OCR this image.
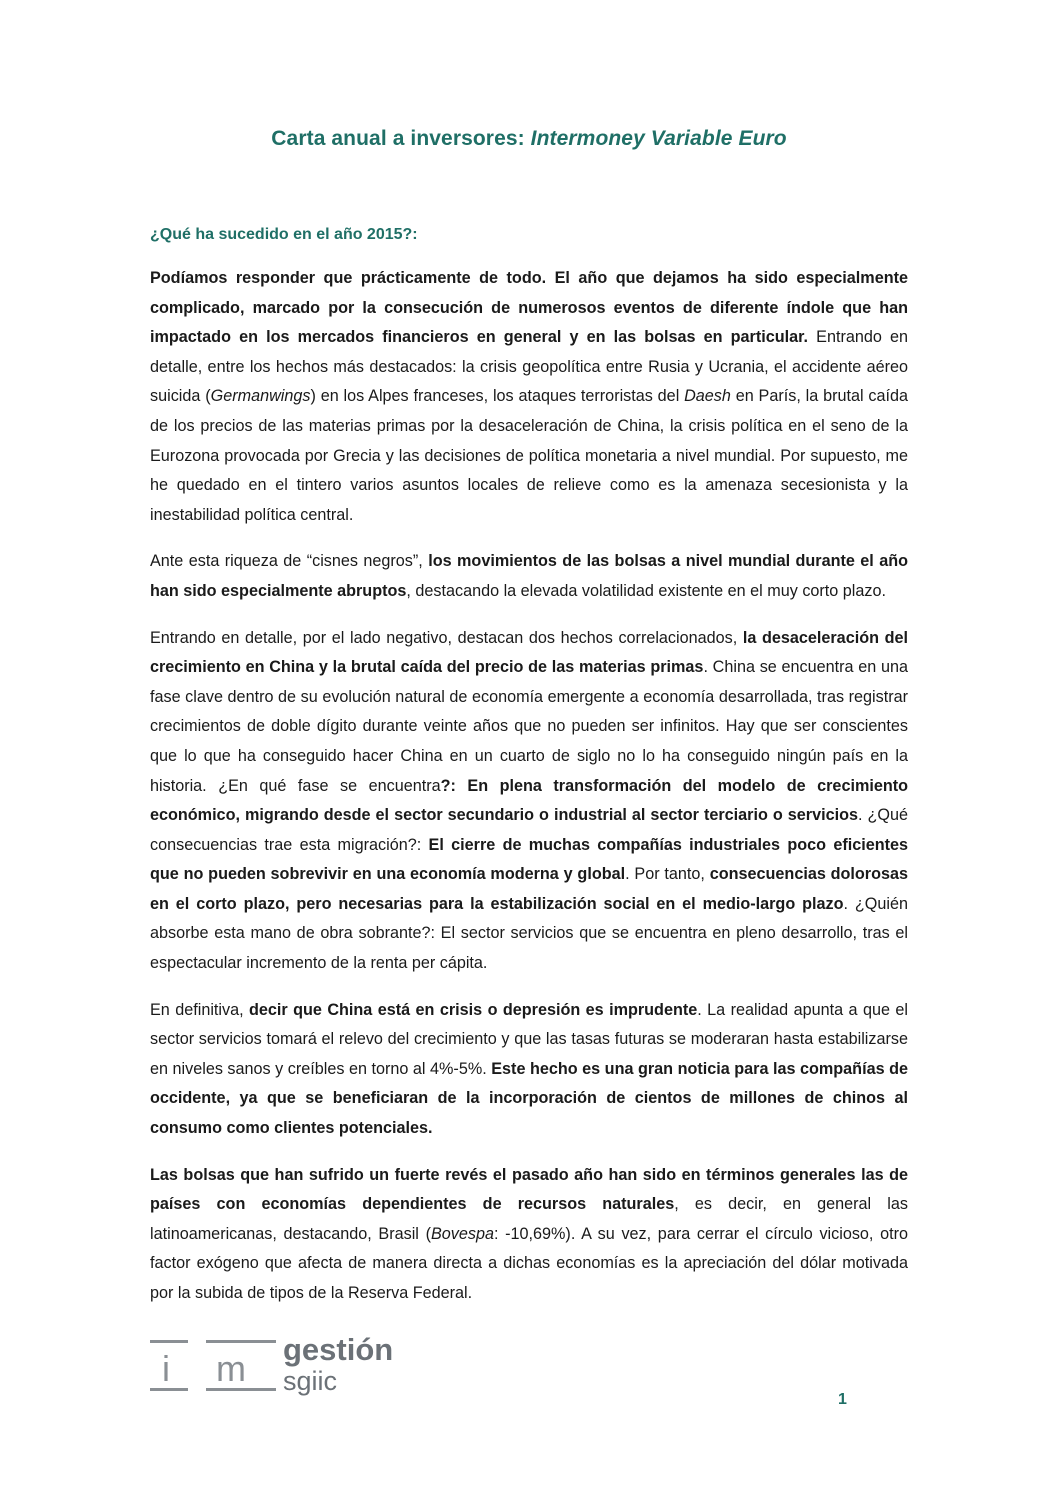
Carta anual a inversores: Intermoney Variable Euro
¿Qué ha sucedido en el año 2015?:

Podíamos responder que prácticamente de todo. El año que dejamos ha sido especialmente complicado, marcado por la consecución de numerosos eventos de diferente índole que han impactado en los mercados financieros en general y en las bolsas en particular. Entrando en detalle, entre los hechos más destacados: la crisis geopolítica entre Rusia y Ucrania, el accidente aéreo suicida (Germanwings) en los Alpes franceses, los ataques terroristas del Daesh en París, la brutal caída de los precios de las materias primas por la desaceleración de China, la crisis política en el seno de la Eurozona provocada por Grecia y las decisiones de política monetaria a nivel mundial. Por supuesto, me he quedado en el tintero varios asuntos locales de relieve como es la amenaza secesionista y la inestabilidad política central.

Ante esta riqueza de “cisnes negros”, los movimientos de las bolsas a nivel mundial durante el año han sido especialmente abruptos, destacando la elevada volatilidad existente en el muy corto plazo.

Entrando en detalle, por el lado negativo, destacan dos hechos correlacionados, la desaceleración del crecimiento en China y la brutal caída del precio de las materias primas. China se encuentra en una fase clave dentro de su evolución natural de economía emergente a economía desarrollada, tras registrar crecimientos de doble dígito durante veinte años que no pueden ser infinitos. Hay que ser conscientes que lo que ha conseguido hacer China en un cuarto de siglo no lo ha conseguido ningún país en la historia. ¿En qué fase se encuentra?: En plena transformación del modelo de crecimiento económico, migrando desde el sector secundario o industrial al sector terciario o servicios. ¿Qué consecuencias trae esta migración?: El cierre de muchas compañías industriales poco eficientes que no pueden sobrevivir en una economía moderna y global. Por tanto, consecuencias dolorosas en el corto plazo, pero necesarias para la estabilización social en el medio-largo plazo. ¿Quién absorbe esta mano de obra sobrante?: El sector servicios que se encuentra en pleno desarrollo, tras el espectacular incremento de la renta per cápita.

En definitiva, decir que China está en crisis o depresión es imprudente. La realidad apunta a que el sector servicios tomará el relevo del crecimiento y que las tasas futuras se moderaran hasta estabilizarse en niveles sanos y creíbles en torno al 4%-5%. Este hecho es una gran noticia para las compañías de occidente, ya que se beneficiaran de la incorporación de cientos de millones de chinos al consumo como clientes potenciales.

Las bolsas que han sufrido un fuerte revés el pasado año han sido en términos generales las de países con economías dependientes de recursos naturales, es decir, en general las latinoamericanas, destacando, Brasil (Bovespa: -10,69%). A su vez, para cerrar el círculo vicioso, otro factor exógeno que afecta de manera directa a dichas economías es la apreciación del dólar motivada por la subida de tipos de la Reserva Federal.

i m gestión
sgiic
1
